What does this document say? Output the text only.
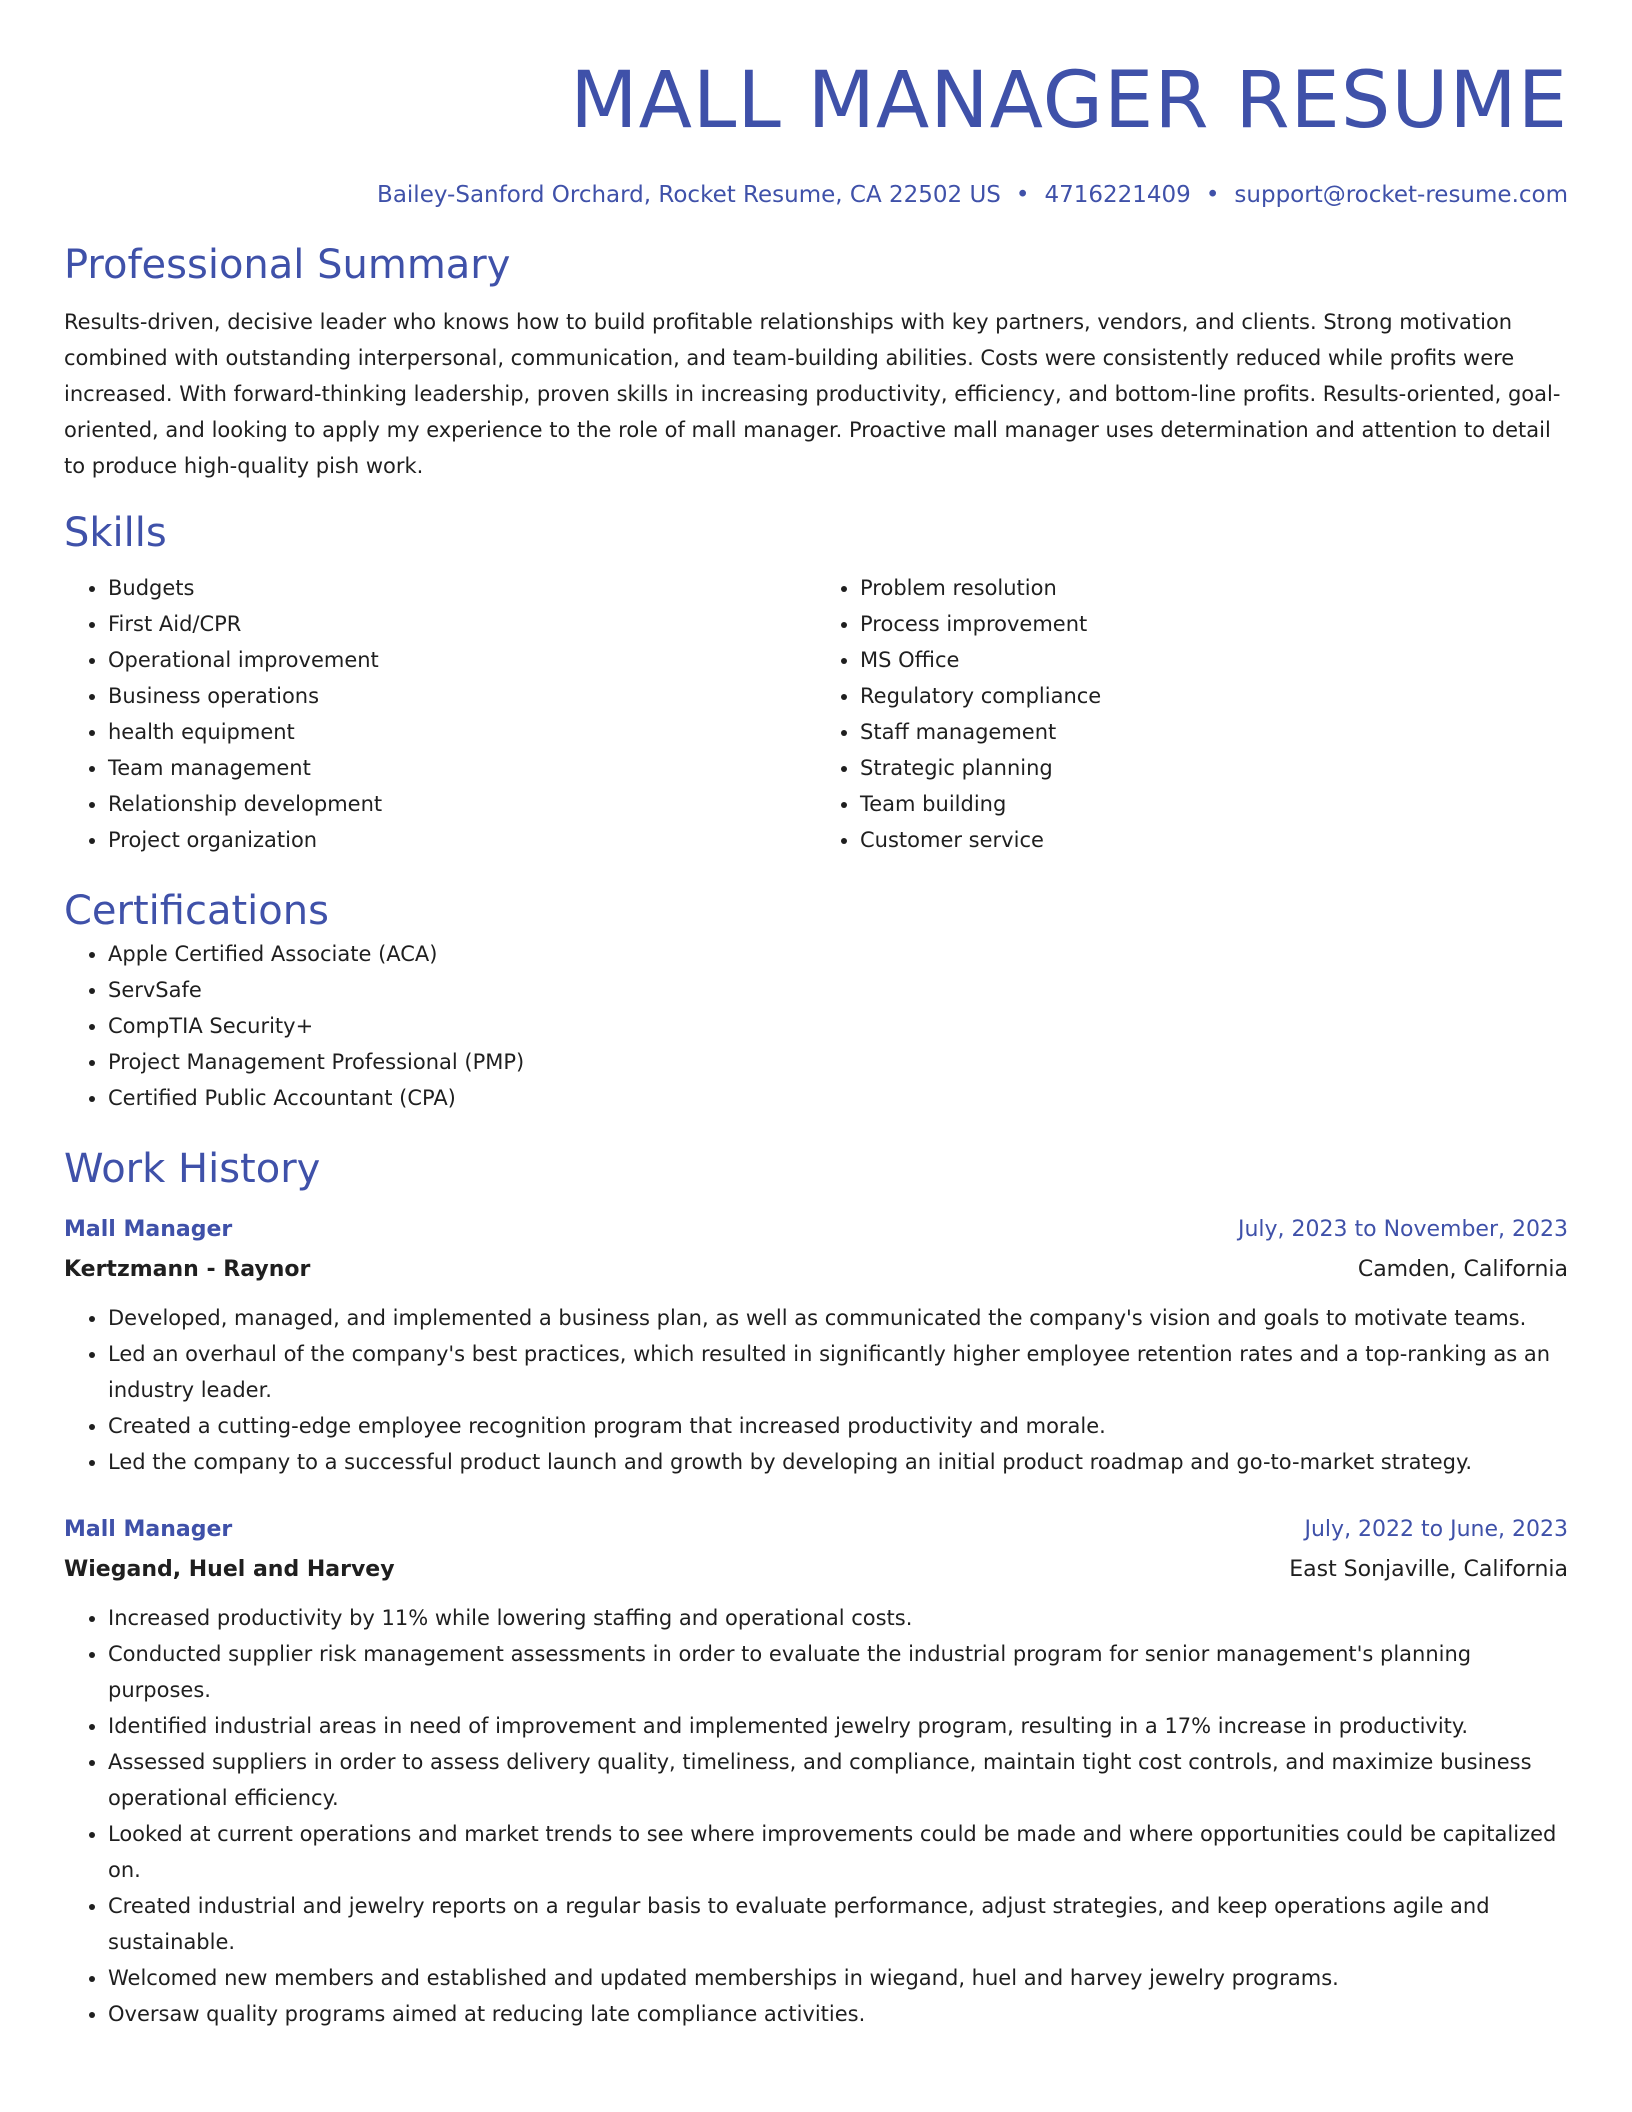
MALL MANAGER RESUME
Bailey-Sanford Orchard, Rocket Resume, CA 22502 US • 4716221409 • support@rocket-resume.com
Professional Summary
Results-driven, decisive leader who knows how to build profitable relationships with key partners, vendors, and clients. Strong motivation combined with outstanding interpersonal, communication, and team-building abilities. Costs were consistently reduced while profits were increased. With forward-thinking leadership, proven skills in increasing productivity, efficiency, and bottom-line profits. Results-oriented, goal-oriented, and looking to apply my experience to the role of mall manager. Proactive mall manager uses determination and attention to detail to produce high-quality pish work.
Skills
• Budgets
• First Aid/CPR
• Operational improvement
• Business operations
• health equipment
• Team management
• Relationship development
• Project organization
• Problem resolution
• Process improvement
• MS Office
• Regulatory compliance
• Staff management
• Strategic planning
• Team building
• Customer service
Certifications
• Apple Certified Associate (ACA)
• ServSafe
• CompTIA Security+
• Project Management Professional (PMP)
• Certified Public Accountant (CPA)
Work History
Mall Manager	July, 2023 to November, 2023
Kertzmann - Raynor	Camden, California
• Developed, managed, and implemented a business plan, as well as communicated the company's vision and goals to motivate teams.
• Led an overhaul of the company's best practices, which resulted in significantly higher employee retention rates and a top-ranking as an industry leader.
• Created a cutting-edge employee recognition program that increased productivity and morale.
• Led the company to a successful product launch and growth by developing an initial product roadmap and go-to-market strategy.
Mall Manager	July, 2022 to June, 2023
Wiegand, Huel and Harvey	East Sonjaville, California
• Increased productivity by 11% while lowering staffing and operational costs.
• Conducted supplier risk management assessments in order to evaluate the industrial program for senior management's planning purposes.
• Identified industrial areas in need of improvement and implemented jewelry program, resulting in a 17% increase in productivity.
• Assessed suppliers in order to assess delivery quality, timeliness, and compliance, maintain tight cost controls, and maximize business operational efficiency.
• Looked at current operations and market trends to see where improvements could be made and where opportunities could be capitalized on.
• Created industrial and jewelry reports on a regular basis to evaluate performance, adjust strategies, and keep operations agile and sustainable.
• Welcomed new members and established and updated memberships in wiegand, huel and harvey jewelry programs.
• Oversaw quality programs aimed at reducing late compliance activities.
